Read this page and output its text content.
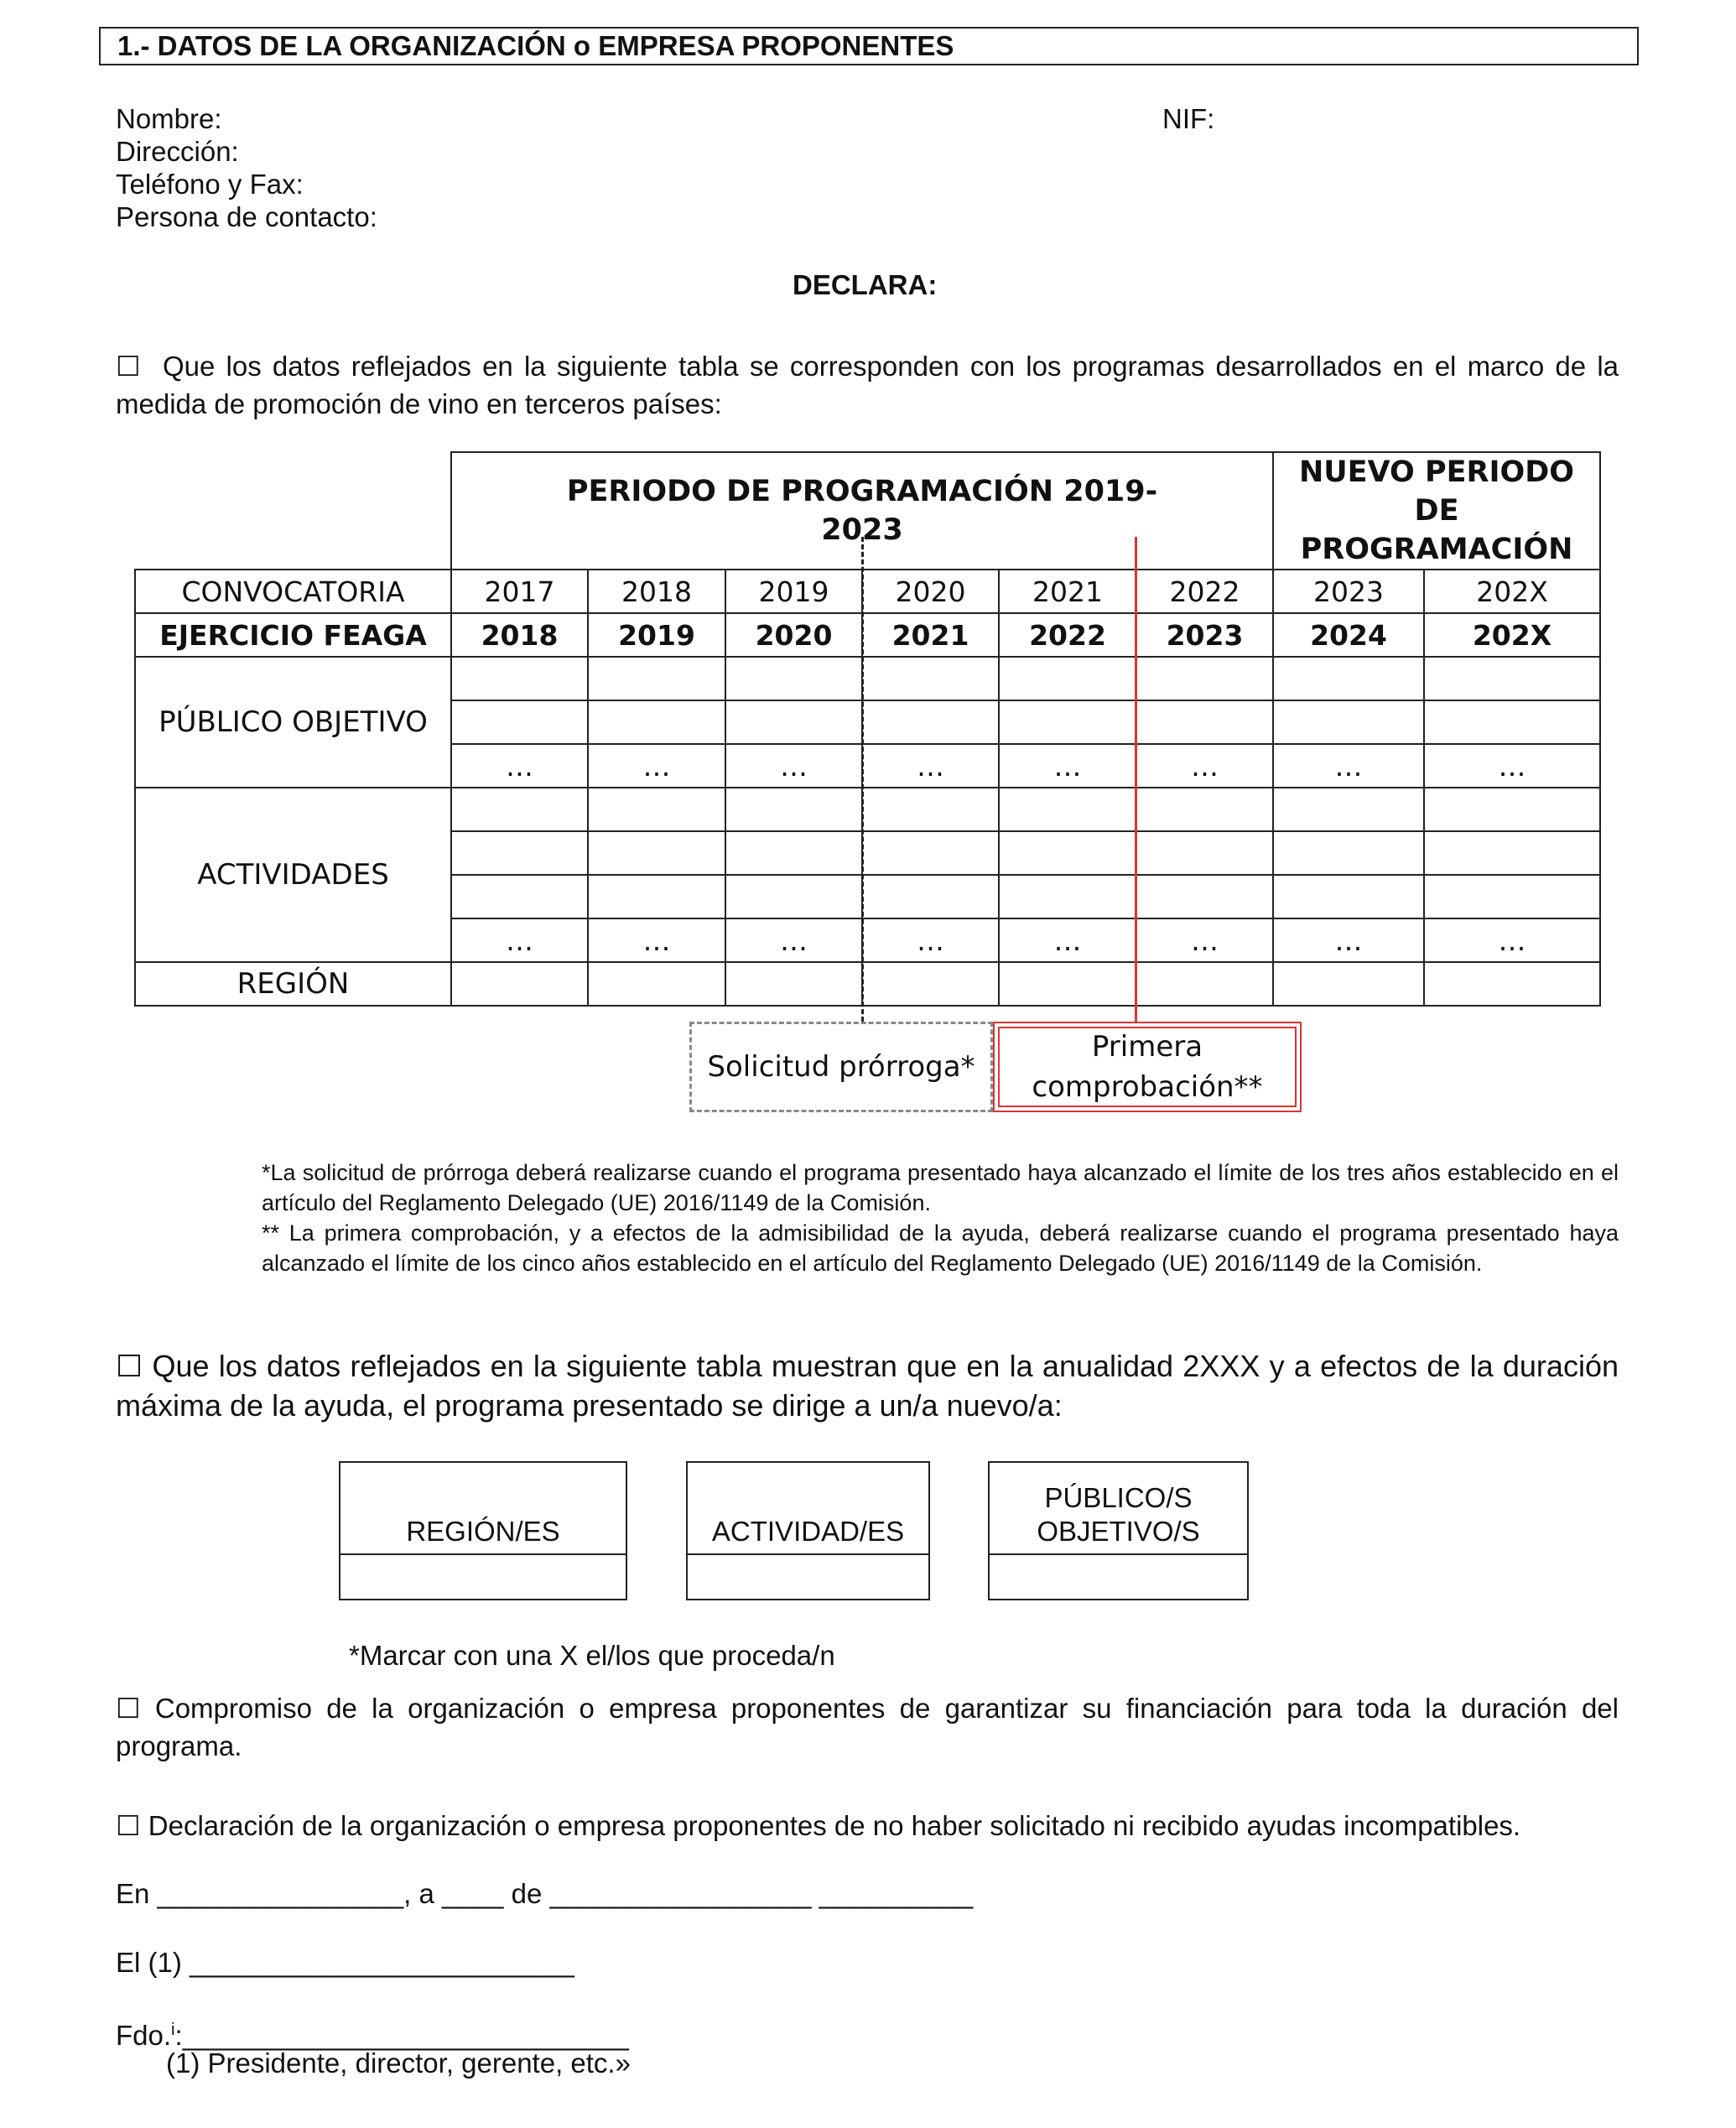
1.- DATOS DE LA ORGANIZACIÓN o EMPRESA PROPONENTES
Nombre:	NIF:
Dirección:
Teléfono y Fax:
Persona de contacto:
DECLARA:
☐ Que los datos reflejados en la siguiente tabla se corresponden con los programas desarrollados en el marco de la medida de promoción de vino en terceros países:
	PERIODO DE PROGRAMACIÓN 2019-2023						NUEVO PERIODO DE PROGRAMACIÓN	
CONVOCATORIA	2017	2018	2019	2020	2021	2022	2023	202X
EJERCICIO FEAGA	2018	2019	2020	2021	2022	2023	2024	202X
PÚBLICO OBJETIVO								

	…	…	…	…	…	…	…	…
ACTIVIDADES								

	…	…	…	…	…	…	…	…
REGIÓN								
Solicitud prórroga*
Primera comprobación**
*La solicitud de prórroga deberá realizarse cuando el programa presentado haya alcanzado el límite de los tres años establecido en el artículo del Reglamento Delegado (UE) 2016/1149 de la Comisión.
** La primera comprobación, y a efectos de la admisibilidad de la ayuda, deberá realizarse cuando el programa presentado haya alcanzado el límite de los cinco años establecido en el artículo del Reglamento Delegado (UE) 2016/1149 de la Comisión.
☐ Que los datos reflejados en la siguiente tabla muestran que en la anualidad 2XXX y a efectos de la duración máxima de la ayuda, el programa presentado se dirige a un/a nuevo/a:
REGIÓN/ES	ACTIVIDAD/ES
PÚBLICO/S OBJETIVO/S
*Marcar con una X el/los que proceda/n
☐ Compromiso de la organización o empresa proponentes de garantizar su financiación para toda la duración del programa.
☐ Declaración de la organización o empresa proponentes de no haber solicitado ni recibido ayudas incompatibles.
En ________________, a ____ de _________________ __________
El (1) _________________________
Fdo.$^i$:_____________________________
(1) Presidente, director, gerente, etc.»
